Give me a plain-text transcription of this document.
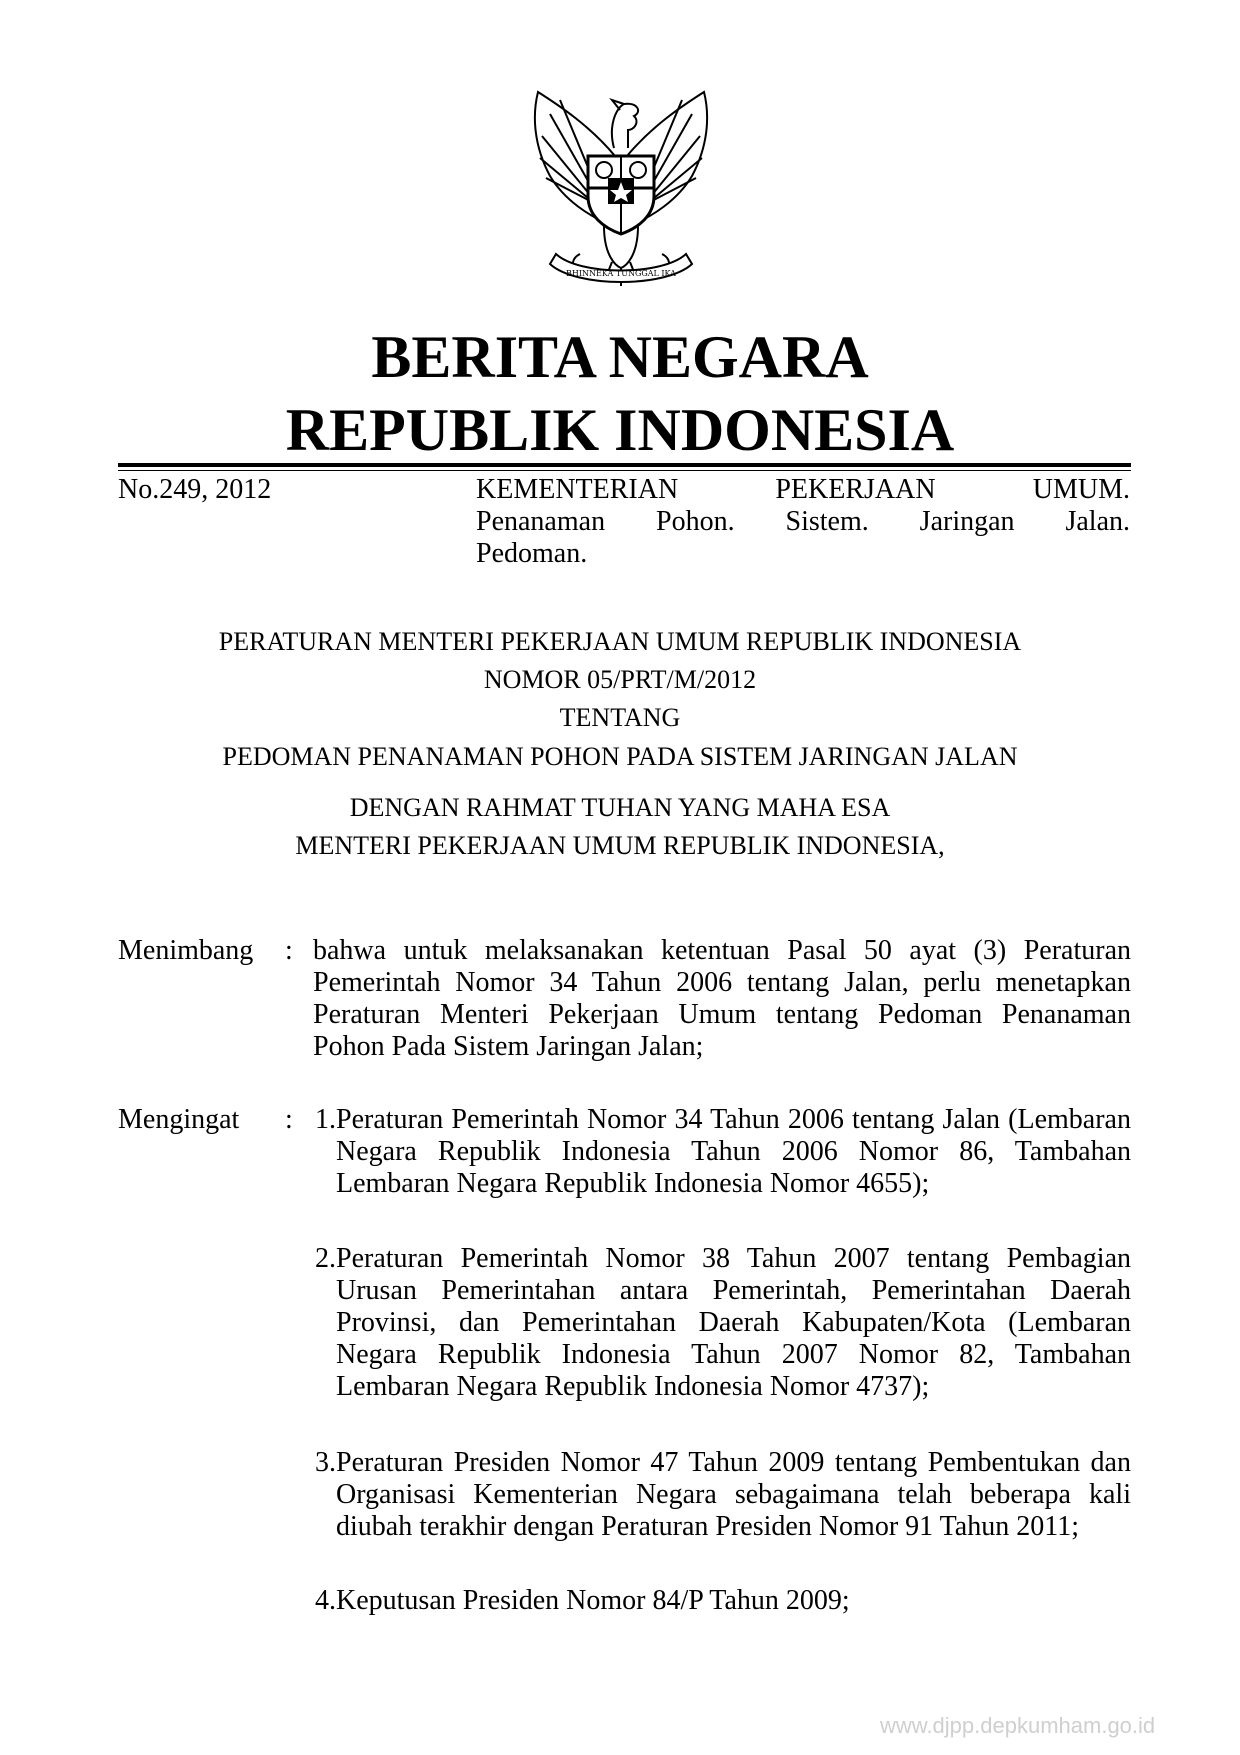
BHINNEKA TUNGGAL IKA
BERITA NEGARA
REPUBLIK INDONESIA
No.249, 2012	KEMENTERIAN PEKERJAAN UMUM.
Penanaman Pohon. Sistem. Jaringan Jalan.
Pedoman.
PERATURAN MENTERI PEKERJAAN UMUM REPUBLIK INDONESIA
NOMOR 05/PRT/M/2012
TENTANG
PEDOMAN PENANAMAN POHON PADA SISTEM JARINGAN JALAN
DENGAN RAHMAT TUHAN YANG MAHA ESA
MENTERI PEKERJAAN UMUM REPUBLIK INDONESIA,
Menimbang : bahwa untuk melaksanakan ketentuan Pasal 50 ayat (3) Peraturan Pemerintah Nomor 34 Tahun 2006 tentang Jalan, perlu menetapkan Peraturan Menteri Pekerjaan Umum tentang Pedoman Penanaman Pohon Pada Sistem Jaringan Jalan;
Mengingat : 1. Peraturan Pemerintah Nomor 34 Tahun 2006 tentang Jalan (Lembaran Negara Republik Indonesia Tahun 2006 Nomor 86, Tambahan Lembaran Negara Republik Indonesia Nomor 4655);
2. Peraturan Pemerintah Nomor 38 Tahun 2007 tentang Pembagian Urusan Pemerintahan antara Pemerintah, Pemerintahan Daerah Provinsi, dan Pemerintahan Daerah Kabupaten/Kota (Lembaran Negara Republik Indonesia Tahun 2007 Nomor 82, Tambahan Lembaran Negara Republik Indonesia Nomor 4737);
3. Peraturan Presiden Nomor 47 Tahun 2009 tentang Pembentukan dan Organisasi Kementerian Negara sebagaimana telah beberapa kali diubah terakhir dengan Peraturan Presiden Nomor 91 Tahun 2011;
4. Keputusan Presiden Nomor 84/P Tahun 2009;
www.djpp.depkumham.go.id
